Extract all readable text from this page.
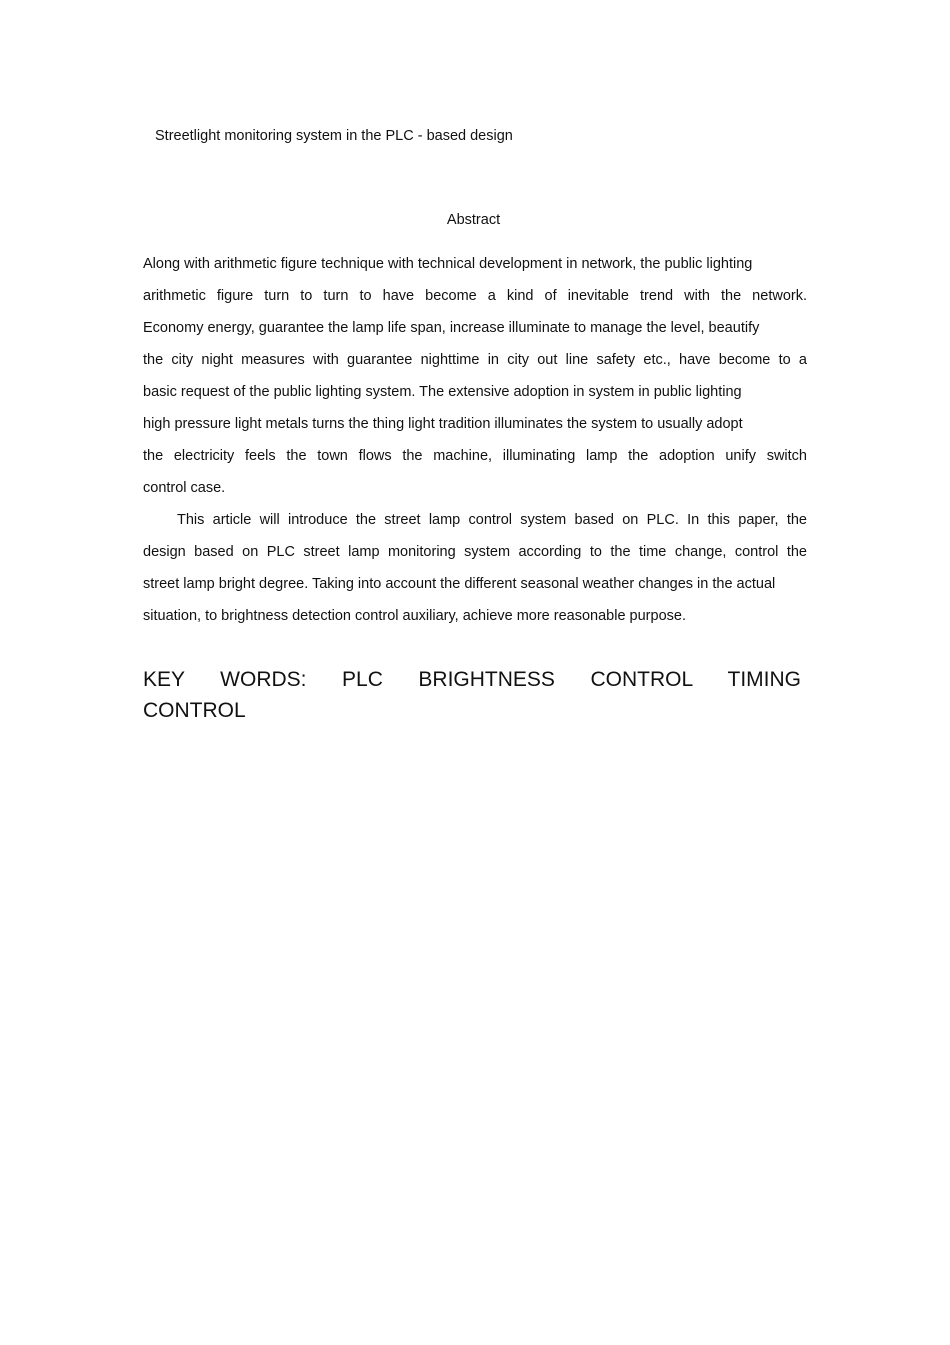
Streetlight monitoring system in the PLC - based design
Abstract
Along with arithmetic figure technique with technical development in network, the public lighting
arithmetic figure turn to turn to have become a kind of inevitable trend with the network.
Economy energy, guarantee the lamp life span, increase illuminate to manage the level, beautify
the city night measures with guarantee nighttime in city out line safety etc., have become to a
basic request of the public lighting system. The extensive adoption in system in public lighting
high pressure light metals turns the thing light tradition illuminates the system to usually adopt
the electricity feels the town flows the machine, illuminating lamp the adoption unify switch
control case.
This article will introduce the street lamp control system based on PLC. In this paper, the
design based on PLC street lamp monitoring system according to the time change, control the
street lamp bright degree. Taking into account the different seasonal weather changes in the actual
situation, to brightness detection control auxiliary, achieve more reasonable purpose.
KEY WORDS: PLC BRIGHTNESS CONTROL TIMING
CONTROL
